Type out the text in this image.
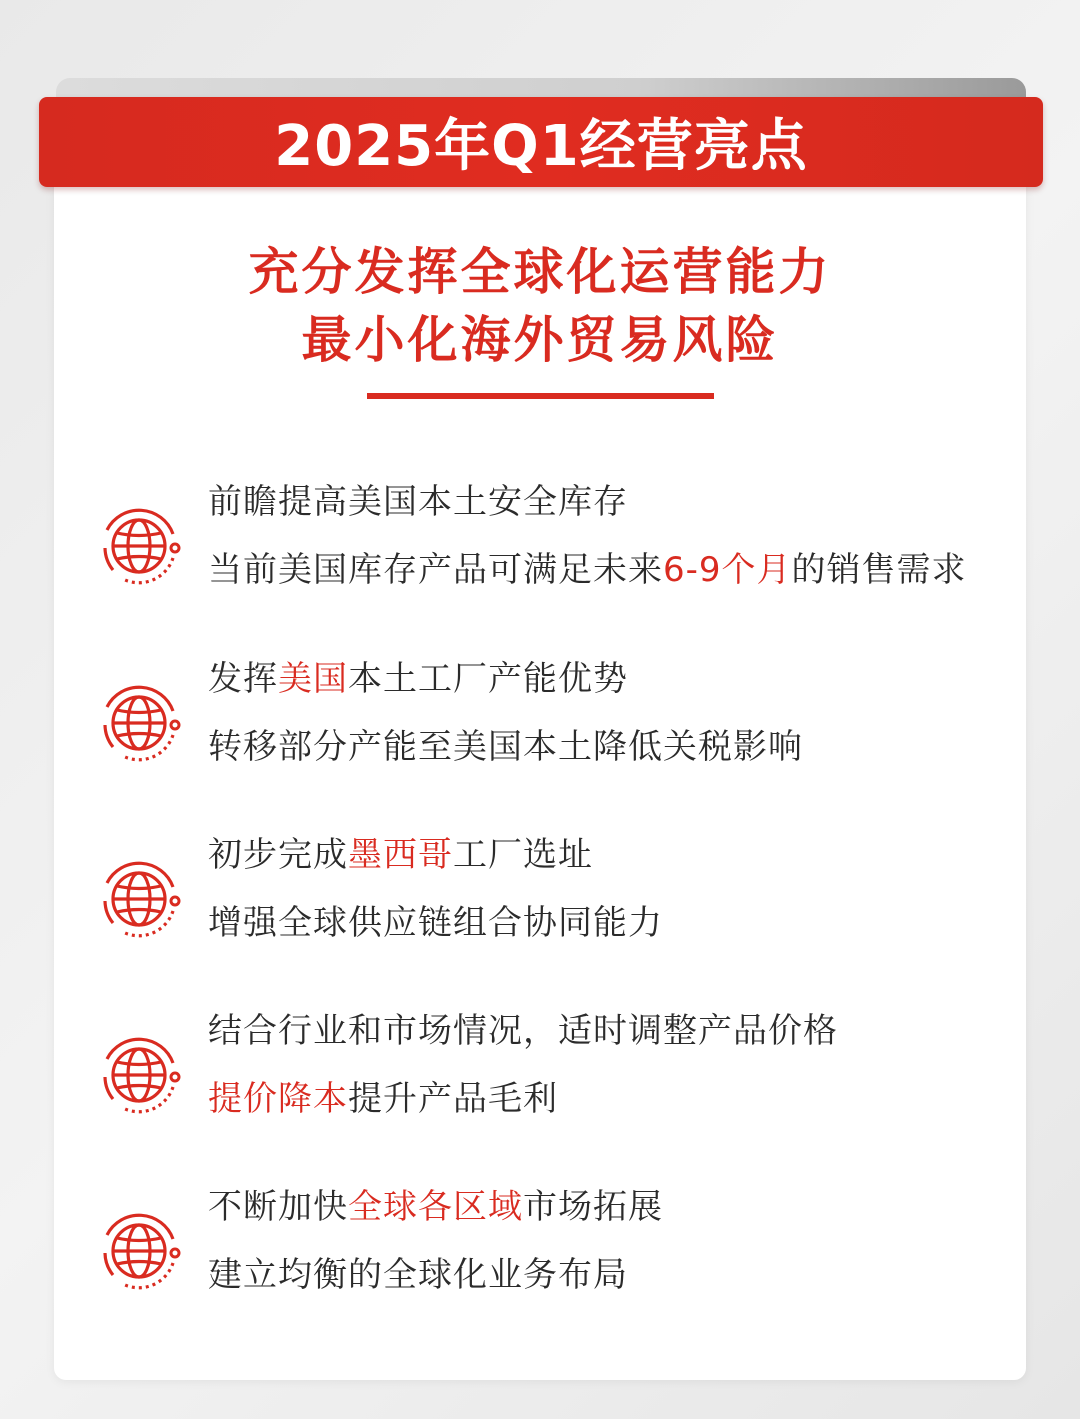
2025年Q1经营亮点
充分发挥全球化运营能力
最小化海外贸易风险
前瞻提高美国本土安全库存
当前美国库存产品可满足未来6-9个月的销售需求
发挥美国本土工厂产能优势
转移部分产能至美国本土降低关税影响
初步完成墨西哥工厂选址
增强全球供应链组合协同能力
结合行业和市场情况，适时调整产品价格
提价降本提升产品毛利
不断加快全球各区域市场拓展
建立均衡的全球化业务布局
